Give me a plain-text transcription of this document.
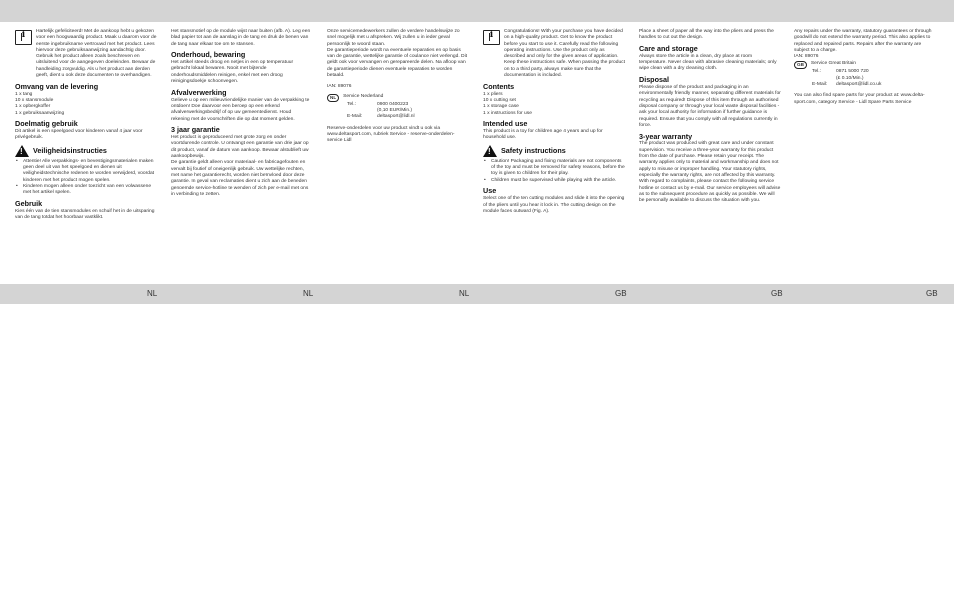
i
Hartelijk gefeliciteerd! Met de aankoop hebt u gekozen voor een hoogwaardig product. Maak u daarom voor de eerste ingebruikname vertrouwd met het product. Lees hiervoor deze gebruiksaanwijzing aandachtig door. Gebruik het product alleen zoals beschreven en uitsluitend voor de aangegeven doeleinden. Bewaar de handleiding zorgvuldig. Als u het product aan derden geeft, dient u ook deze documenten te overhandigen.
Omvang van de levering

1 x tang

10 x stansmodule

1 x opbergkoffer

1 x gebruiksaanwijzing

Doelmatig gebruik

Dit artikel is een speelgoed voor kinderen vanaf 4 jaar voor privégebruik.

!
Veiligheidsinstructies
• Attentie! Alle verpakkings- en bevestigingsmaterialen maken geen deel uit van het speelgoed en dienen uit veiligheidstechnische redenen te worden verwijderd, voordat kinderen met het product mogen spelen.
• Kinderen mogen alleen onder toezicht van een volwassene met het artikel spelen.
Gebruik

Kies één van de tien stansmodules en schuif het in de uitsparing van de tang totdat het hoorbaar vastklikt.

Het stansmotief op de module wijst naar buiten (afb. A). Leg een blad papier tot aan de aanslag in de tang en druk de benen van de tang naar elkaar toe om te stansen.

Onderhoud, bewaring

Het artikel steeds droog en netjes in een op temperatuur gebracht lokaal bewaren. Nooit met bijtende onderhoudsmiddelen reinigen, enkel met een droog reinigingsdoekje schoonvegen.

Afvalverwerking

Gelieve u op een milieuvriendelijke manier van de verpakking te ontdoen! Doe daarvoor een beroep op een erkend afvalverwerkingsbedrijf of op uw gemeentedienst. Houd rekening met de voorschriften die op dat moment gelden.

3 jaar garantie

Het product is geproduceerd met grote zorg en onder voortdurende controle. U ontvangt een garantie van drie jaar op dit product, vanaf de datum van aankoop. Bewaar alstublieft uw aankoopbewijs.

De garantie geldt alleen voor materiaal- en fabricagefouten en vervalt bij foutief of oneigenlijk gebruik. Uw wettelijke rechten, met name het garantierecht, worden niet beïnvloed door deze garantie. In geval van reclamaties dient u zich aan de beneden genoemde service-hotline te wenden of zich per e-mail met ons in verbinding te zetten.

Onze servicemedewerkers zullen de verdere handelswijze zo snel mogelijk met u afspreken. Wij zullen u in ieder geval persoonlijk te woord staan.

De garantieperiode wordt na eventuele reparaties en op basis van de garantie, wettelijke garantie of coulance niet verlengd. Dit geldt ook voor vervangen en gerepareerde delen. Na afloop van de garantieperiode dienen eventuele reparaties te worden betaald.

IAN: 89076

NL	Service Nederland
Tel.:	0900 0400223
(0,10 EUR/Min.)
E-Mail:	deltasport@lidl.nl

Reserve-onderdelen voor uw product vindt u ook via www.deltasport.com, rubriek Service - reserve-onderdelen-service Lidl

i
Congratulations! With your purchase you have decided on a high-quality product. Get to know the product before you start to use it. Carefully read the following operating instructions. Use the product only as described and only for the given areas of application. Keep these instructions safe. When passing the product on to a third party, always make sure that the documentation is included.
Contents

1 x pliers

10 x cutting set

1 x storage case

1 x instructions for use

Intended use

This product is a toy for children age 4 years and up for household use.

!
Safety instructions
• Caution! Packaging and fixing materials are not components of the toy and must be removed for safety reasons, before the toy is given to children for their play.
• Children must be supervised while playing with the article.
Use

Select one of the ten cutting modules and slide it into the opening of the pliers until you hear it lock in. The cutting design on the module faces outward (Fig. A).

Place a sheet of paper all the way into the pliers and press the handles to cut out the design.

Care and storage

Always store the article in a clean, dry place at room temperature. Never clean with abrasive cleaning materials; only wipe clean with a dry cleaning cloth.

Disposal

Please dispose of the product and packaging in an environmentally friendly manner, separating different materials for recycling as required! Dispose of this item through an authorised disposal company or through your local waste disposal facilities - ask your local authority for information if further guidance is required. Ensure that you comply with all regulations currently in force.

3-year warranty

The product was produced with great care and under constant supervision. You receive a three-year warranty for this product from the date of purchase. Please retain your receipt. The warranty applies only to material and workmanship and does not apply to misuse or improper handling. Your statutory rights, especially the warranty rights, are not affected by this warranty. With regard to complaints, please contact the following service hotline or contact us by e-mail. Our service employees will advise as to the subsequent procedure as quickly as possible. We will be personally available to discuss the situation with you.

Any repairs under the warranty, statutory guarantees or through goodwill do not extend the warranty period. This also applies to replaced and repaired parts. Repairs after the warranty are subject to a charge.

IAN: 89076

GB	Service Great Britain
Tel.:	0871 5000 720
(£ 0.10/Min.)
E-Mail:	deltasport@lidl.co.uk

You can also find spare parts for your product at: www.delta-sport.com, category Service - Lidl Spare Parts Service

NL	NL	NL	GB	GB	GB
